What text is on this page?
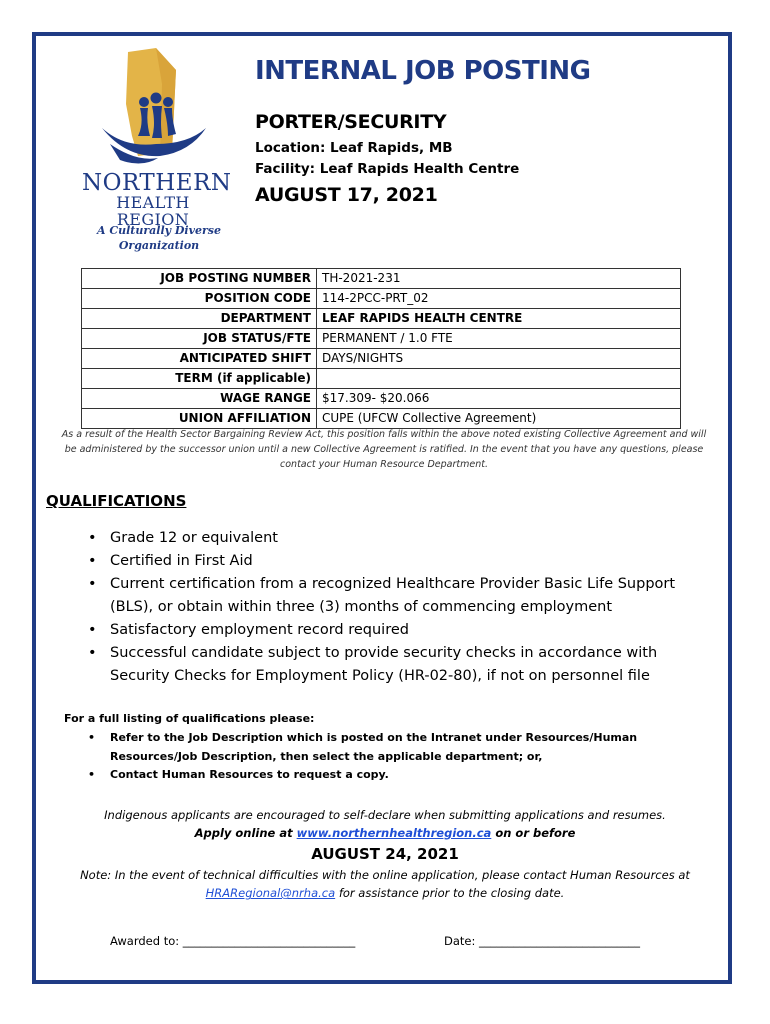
NORTHERN
HEALTH REGION
A Culturally Diverse
Organization
INTERNAL JOB POSTING
PORTER/SECURITY
Location: Leaf Rapids, MB
Facility: Leaf Rapids Health Centre
AUGUST 17, 2021
JOB POSTING NUMBER	TH-2021-231
POSITION CODE	114-2PCC-PRT_02
DEPARTMENT	LEAF RAPIDS HEALTH CENTRE
JOB STATUS/FTE	PERMANENT / 1.0 FTE
ANTICIPATED SHIFT	DAYS/NIGHTS
TERM (if applicable)	
WAGE RANGE	$17.309- $20.066
UNION AFFILIATION	CUPE (UFCW Collective Agreement)
As a result of the Health Sector Bargaining Review Act, this position falls within the above noted existing Collective Agreement and will
be administered by the successor union until a new Collective Agreement is ratified. In the event that you have any questions, please
contact your Human Resource Department.
QUALIFICATIONS
• Grade 12 or equivalent
• Certified in First Aid
• Current certification from a recognized Healthcare Provider Basic Life Support (BLS), or obtain within three (3) months of commencing employment
• Satisfactory employment record required
• Successful candidate subject to provide security checks in accordance with Security Checks for Employment Policy (HR-02-80), if not on personnel file
For a full listing of qualifications please:
• Refer to the Job Description which is posted on the Intranet under Resources/Human Resources/Job Description, then select the applicable department; or,
• Contact Human Resources to request a copy.
Indigenous applicants are encouraged to self-declare when submitting applications and resumes.
Apply online at www.northernhealthregion.ca on or before
AUGUST 24, 2021
Note: In the event of technical difficulties with the online application, please contact Human Resources at
HRARegional@nrha.ca for assistance prior to the closing date.
Awarded to: ______________________________	Date: ____________________________
